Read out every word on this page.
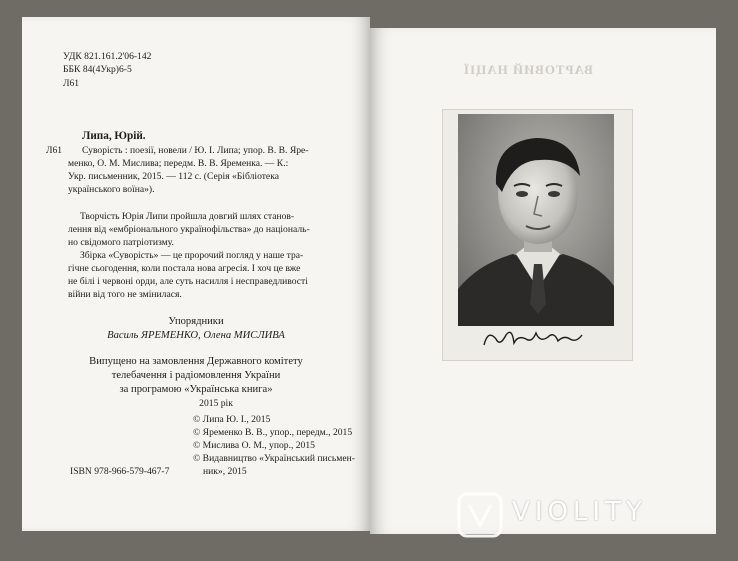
ВАРТОВИЙ НАЦІЇ
УДК 821.161.2'06-142
ББК 84(4Укр)6-5
Л61
Липа, Юрій.
Л61 Суворість : поезії, новели / Ю. І. Липа; упор. В. В. Яре-
менко, О. М. Мислива; передм. В. В. Яременка. — К.:
Укр. письменник, 2015. — 112 с. (Серія «Бібліотека
українського воїна»).
Творчість Юрія Липи пройшла довгий шлях станов-
лення від «ембріонального українофільства» до національ-
но свідомого патріотизму.
Збірка «Суворість» — це пророчий погляд у наше тра-
гічне сьогодення, коли постала нова агресія. І хоч це вже
не білі і червоні орди, але суть насилля і несправедливості
війни від того не змінилася.
Упорядники
Василь ЯРЕМЕНКО, Олена МИСЛИВА
Випущено на замовлення Державного комітету
телебачення і радіомовлення України
за програмою «Українська книга»
2015 рік
© Липа Ю. І., 2015
© Яременко В. В., упор., передм., 2015
© Мислива О. М., упор., 2015
© Видавництво «Український письмен-
ник», 2015
ISBN 978-966-579-467-7
VIOLITY
